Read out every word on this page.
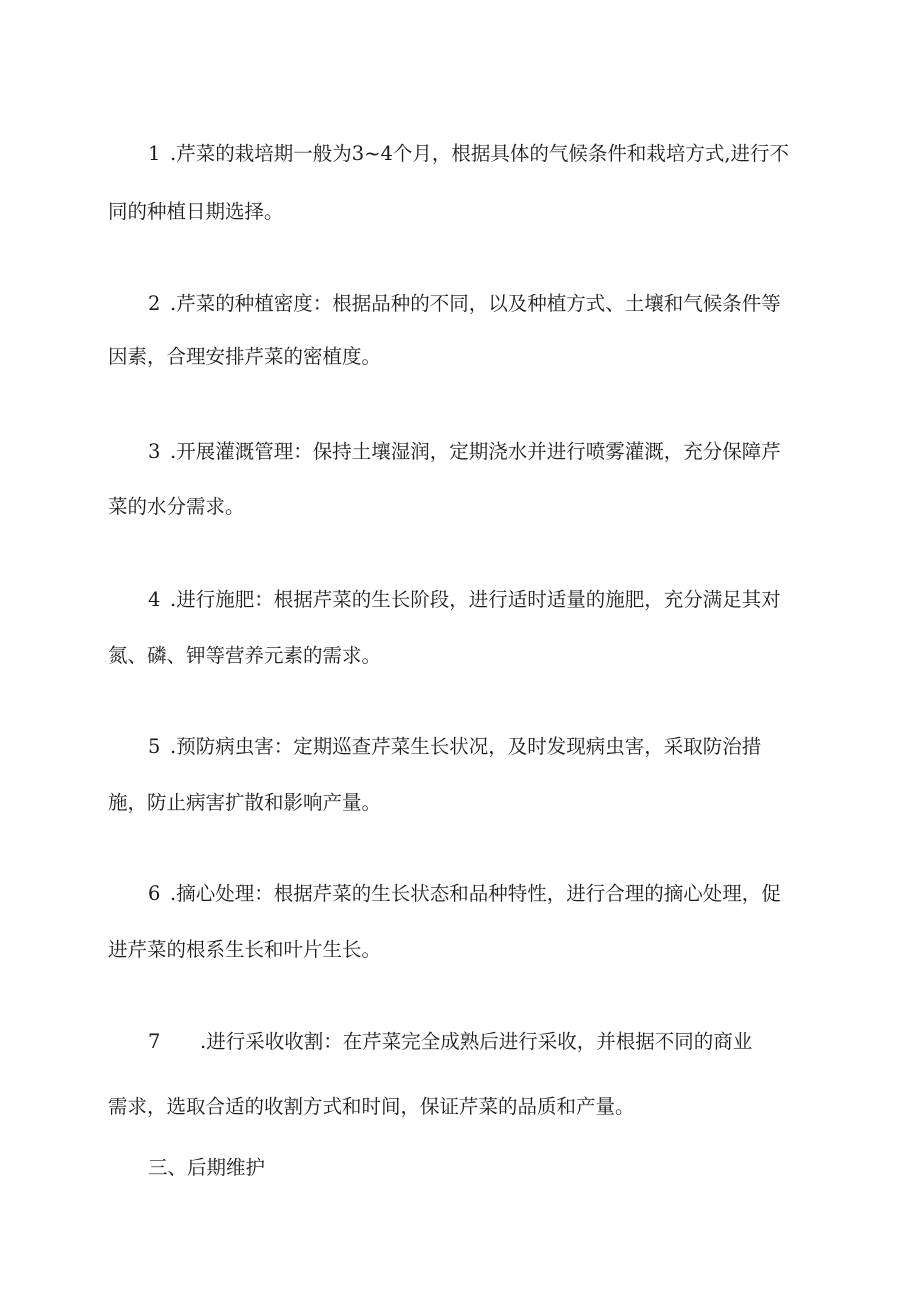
1 .芹菜的栽培期一般为3~4个月，根据具体的气候条件和栽培方式,进行不
同的种植日期选择。
2 .芹菜的种植密度：根据品种的不同，以及种植方式、土壤和气候条件等
因素，合理安排芹菜的密植度。
3 .开展灌溉管理：保持土壤湿润，定期浇水并进行喷雾灌溉，充分保障芹
菜的水分需求。
4 .进行施肥：根据芹菜的生长阶段，进行适时适量的施肥，充分满足其对
氮、磷、钾等营养元素的需求。
5 .预防病虫害：定期巡查芹菜生长状况，及时发现病虫害，采取防治措
施，防止病害扩散和影响产量。
6 .摘心处理：根据芹菜的生长状态和品种特性，进行合理的摘心处理，促
进芹菜的根系生长和叶片生长。
7 .进行采收收割：在芹菜完全成熟后进行采收，并根据不同的商业
需求，选取合适的收割方式和时间，保证芹菜的品质和产量。
三、后期维护
